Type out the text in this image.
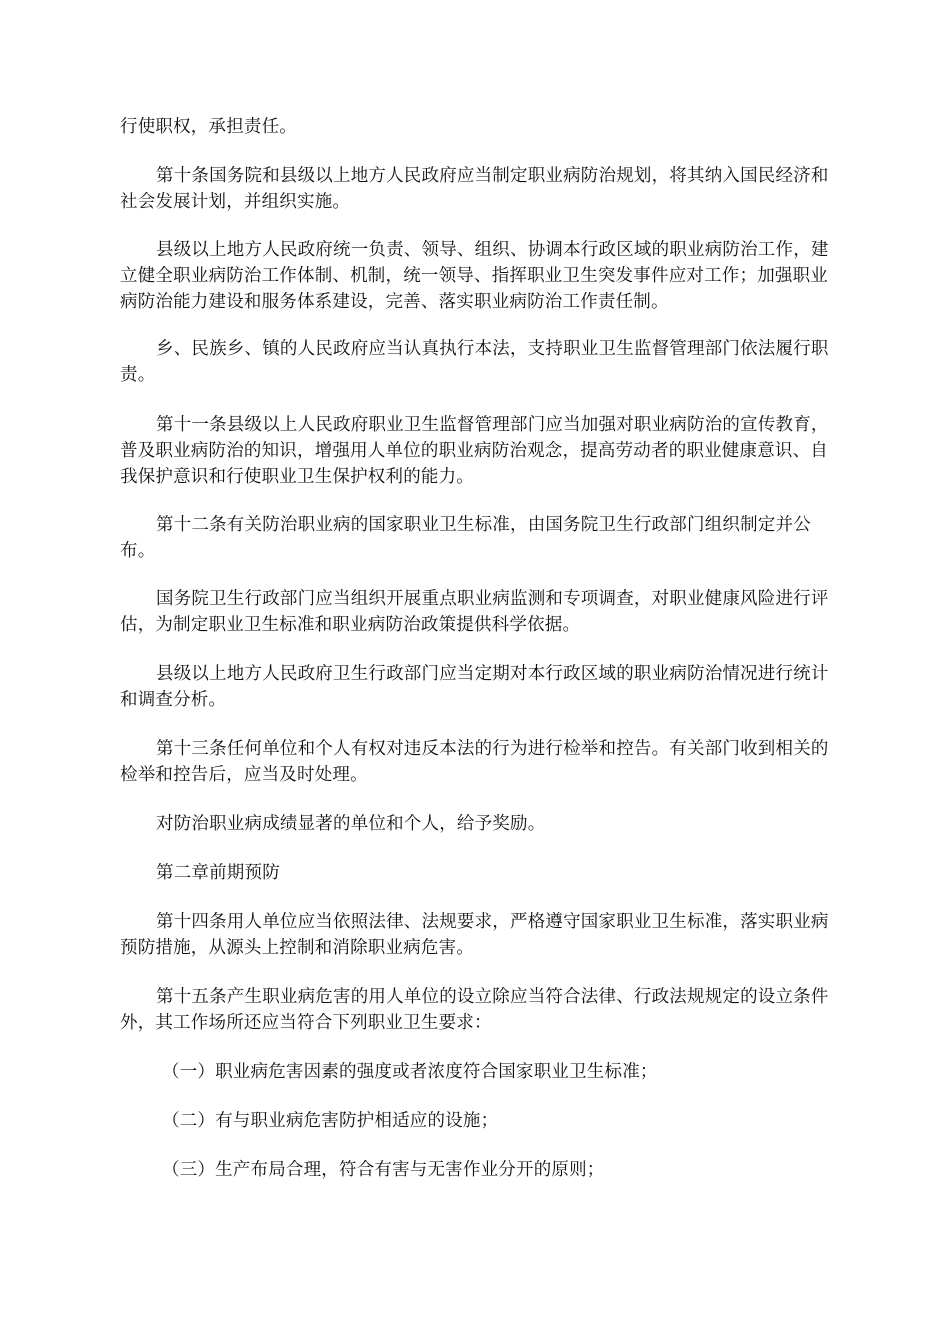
行使职权，承担责任。

第十条国务院和县级以上地方人民政府应当制定职业病防治规划，将其纳入国民经济和社会发展计划，并组织实施。

县级以上地方人民政府统一负责、领导、组织、协调本行政区域的职业病防治工作，建立健全职业病防治工作体制、机制，统一领导、指挥职业卫生突发事件应对工作；加强职业病防治能力建设和服务体系建设，完善、落实职业病防治工作责任制。

乡、民族乡、镇的人民政府应当认真执行本法，支持职业卫生监督管理部门依法履行职责。

第十一条县级以上人民政府职业卫生监督管理部门应当加强对职业病防治的宣传教育，普及职业病防治的知识，增强用人单位的职业病防治观念，提高劳动者的职业健康意识、自我保护意识和行使职业卫生保护权利的能力。

第十二条有关防治职业病的国家职业卫生标准，由国务院卫生行政部门组织制定并公布。

国务院卫生行政部门应当组织开展重点职业病监测和专项调查，对职业健康风险进行评估，为制定职业卫生标准和职业病防治政策提供科学依据。

县级以上地方人民政府卫生行政部门应当定期对本行政区域的职业病防治情况进行统计和调查分析。

第十三条任何单位和个人有权对违反本法的行为进行检举和控告。有关部门收到相关的检举和控告后，应当及时处理。

对防治职业病成绩显著的单位和个人，给予奖励。

第二章前期预防

第十四条用人单位应当依照法律、法规要求，严格遵守国家职业卫生标准，落实职业病预防措施，从源头上控制和消除职业病危害。

第十五条产生职业病危害的用人单位的设立除应当符合法律、行政法规规定的设立条件外，其工作场所还应当符合下列职业卫生要求：

（一）职业病危害因素的强度或者浓度符合国家职业卫生标准；

（二）有与职业病危害防护相适应的设施；

（三）生产布局合理，符合有害与无害作业分开的原则；
